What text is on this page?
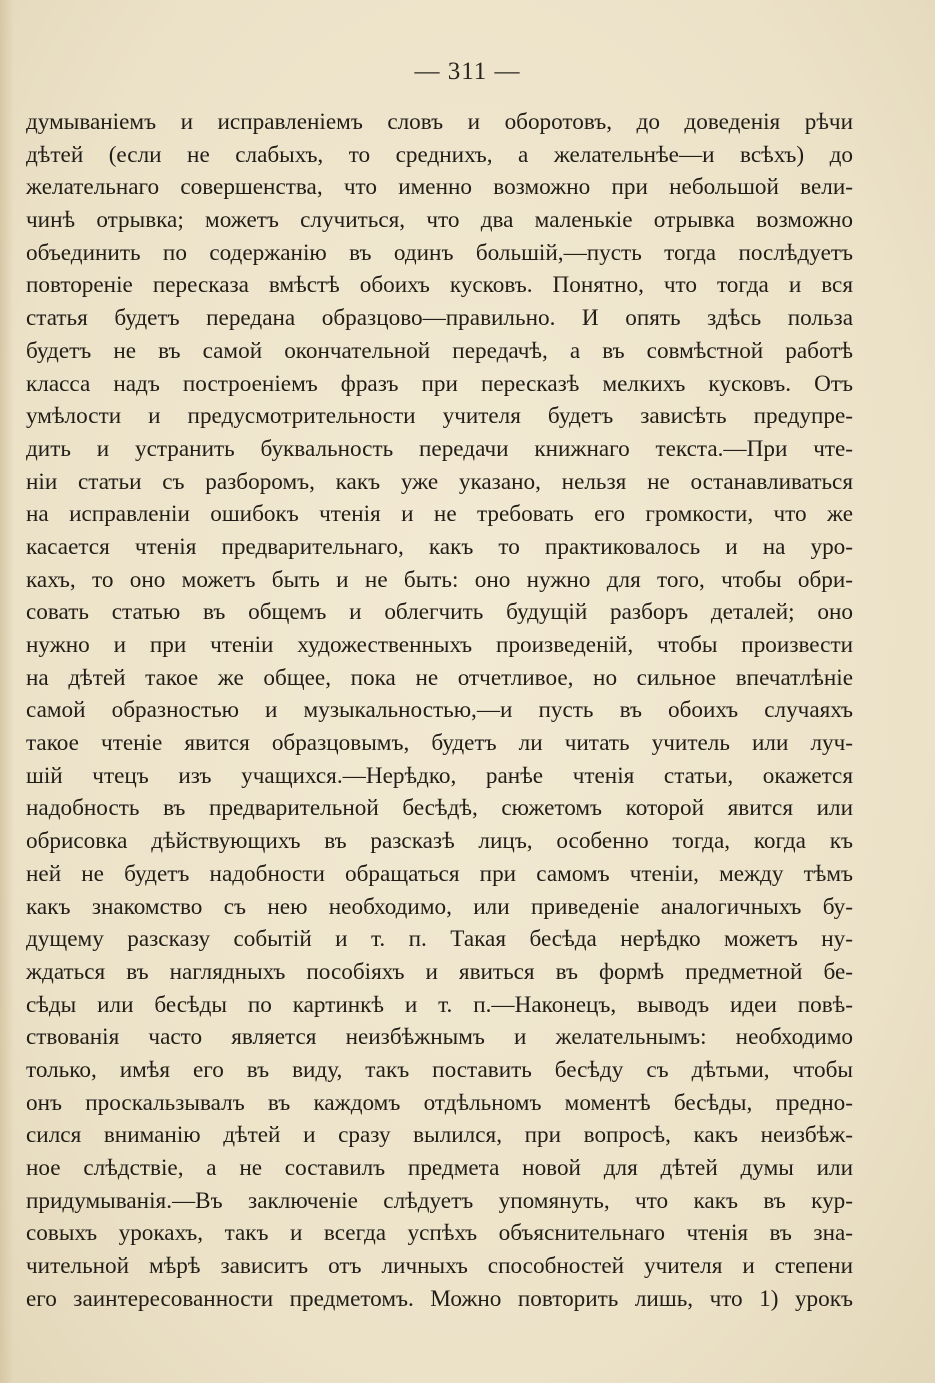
— 311 —
думыванiемъ и исправленiемъ словъ и оборотовъ, до доведенiя рѣчи
дѣтей (если не слабыхъ, то среднихъ, а желательнѣе—и всѣхъ) до
желательнаго совершенства, что именно возможно при небольшой вели-
чинѣ отрывка; можетъ случиться, что два маленькiе отрывка возможно
объединить по содержанiю въ одинъ большiй,—пусть тогда послѣдуетъ
повторенiе пересказа вмѣстѣ обоихъ кусковъ. Понятно, что тогда и вся
статья будетъ передана образцово—правильно. И опять здѣсь польза
будетъ не въ самой окончательной передачѣ, а въ совмѣстной работѣ
класса надъ построенiемъ фразъ при пересказѣ мелкихъ кусковъ. Отъ
умѣлости и предусмотрительности учителя будетъ зависѣть предупре-
дить и устранить буквальность передачи книжнаго текста.—При чте-
нiи статьи съ разборомъ, какъ уже указано, нельзя не останавливаться
на исправленiи ошибокъ чтенiя и не требовать его громкости, что же
касается чтенiя предварительнаго, какъ то практиковалось и на уро-
кахъ, то оно можетъ быть и не быть: оно нужно для того, чтобы обри-
совать статью въ общемъ и облегчить будущiй разборъ деталей; оно
нужно и при чтенiи художественныхъ произведенiй, чтобы произвести
на дѣтей такое же общее, пока не отчетливое, но сильное впечатлѣнiе
самой образностью и музыкальностью,—и пусть въ обоихъ случаяхъ
такое чтенiе явится образцовымъ, будетъ ли читать учитель или луч-
шiй чтецъ изъ учащихся.—Нерѣдко, ранѣе чтенiя статьи, окажется
надобность въ предварительной бесѣдѣ, сюжетомъ которой явится или
обрисовка дѣйствующихъ въ разсказѣ лицъ, особенно тогда, когда къ
ней не будетъ надобности обращаться при самомъ чтенiи, между тѣмъ
какъ знакомство съ нею необходимо, или приведенiе аналогичныхъ бу-
дущему разсказу событiй и т. п. Такая бесѣда нерѣдко можетъ ну-
ждаться въ наглядныхъ пособiяхъ и явиться въ формѣ предметной бе-
сѣды или бесѣды по картинкѣ и т. п.—Наконецъ, выводъ идеи повѣ-
ствованiя часто является неизбѣжнымъ и желательнымъ: необходимо
только, имѣя его въ виду, такъ поставить бесѣду съ дѣтьми, чтобы
онъ проскальзывалъ въ каждомъ отдѣльномъ моментѣ бесѣды, предно-
сился вниманiю дѣтей и сразу вылился, при вопросѣ, какъ неизбѣж-
ное слѣдствiе, а не составилъ предмета новой для дѣтей думы или
придумыванiя.—Въ заключенiе слѣдуетъ упомянуть, что какъ въ кур-
совыхъ урокахъ, такъ и всегда успѣхъ объяснительнаго чтенiя въ зна-
чительной мѣрѣ зависитъ отъ личныхъ способностей учителя и степени
его заинтересованности предметомъ. Можно повторить лишь, что 1) урокъ
